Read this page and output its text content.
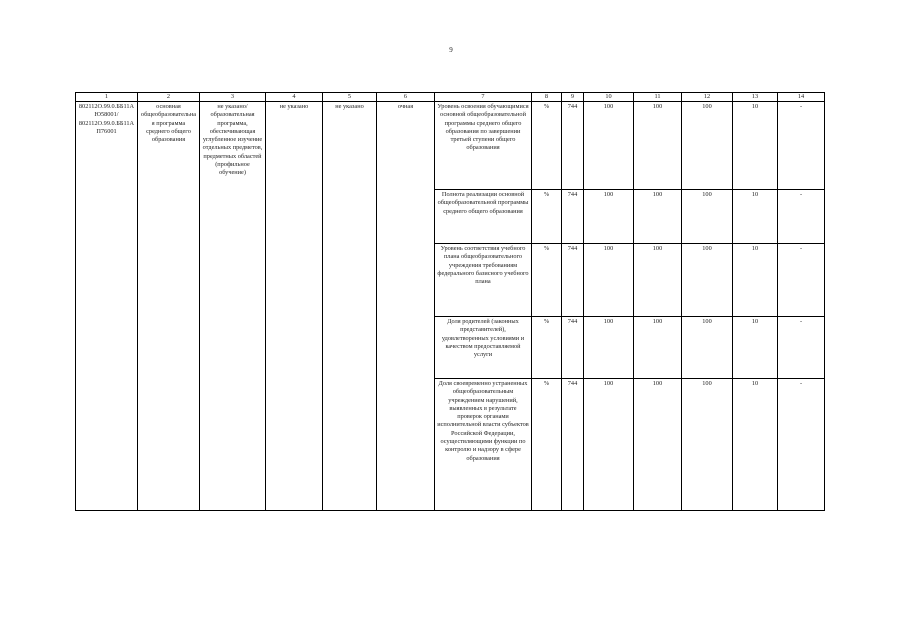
9
1	2	3	4	5	6	7	8	9	10	11	12	13	14
802112О.99.0.ББ11АЮ58001/ 802112О.99.0.ББ11АП76001	основная общеобразовательная программа среднего общего образования	не указано/ образовательная программа, обеспечивающая углубленное изучение отдельных предметов, предметных областей (профильное обучение)	не указано	не указано	очная	Уровень освоения обучающимися основной общеобразовательной программы среднего общего образования по завершении третьей ступени общего образования	%	744	100	100	100	10	-
						Полнота реализации основной общеобразовательной программы среднего общего образования	%	744	100	100	100	10	-
						Уровень соответствия учебного плана общеобразовательного учреждения требованиям федерального базисного учебного плана	%	744	100	100	100	10	-
						Доля родителей (законных представителей), удовлетворенных условиями и качеством предоставляемой услуги	%	744	100	100	100	10	-
						Доля своевременно устраненных общеобразовательным учреждением нарушений, выявленных в результате проверок органами исполнительной власти субъектов Российской Федерации, осуществляющими функции по контролю и надзору в сфере образования	%	744	100	100	100	10	-
